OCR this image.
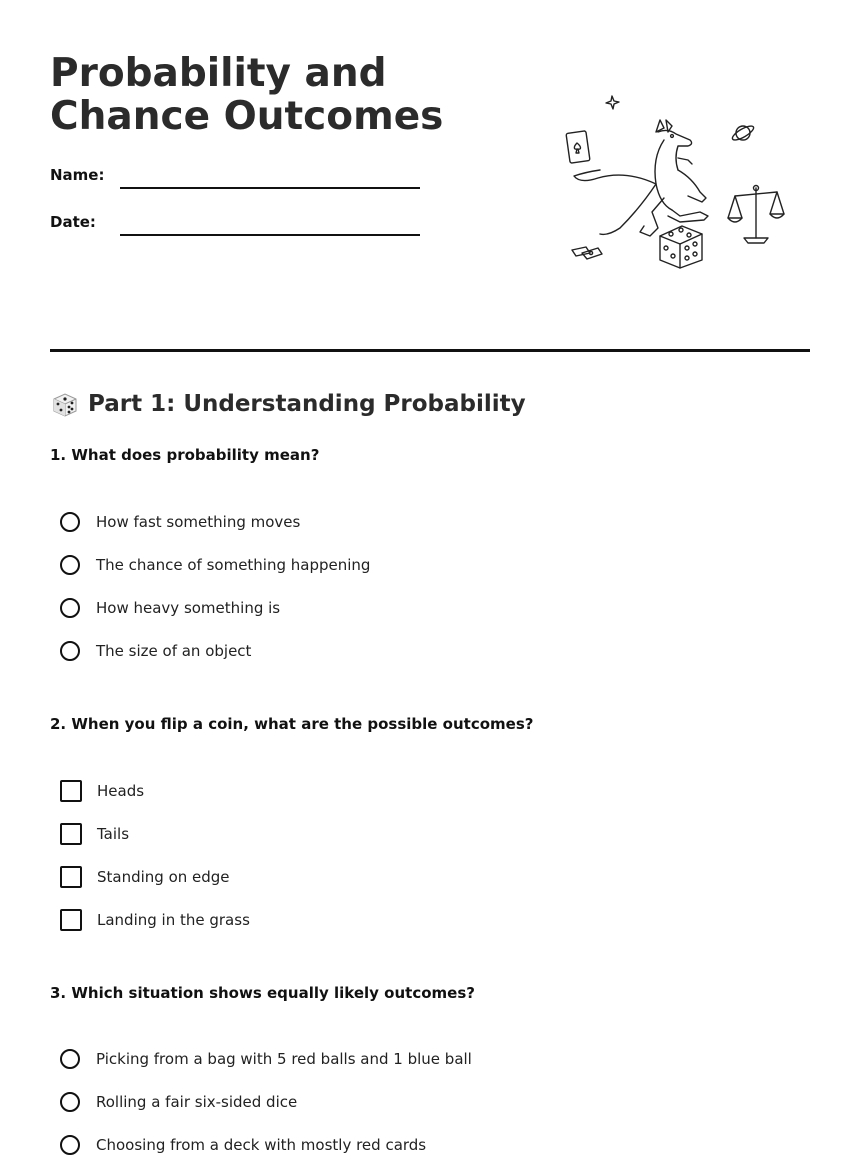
Probability and Chance Outcomes
Name:
Date:
Part 1: Understanding Probability
1. What does probability mean?
How fast something moves
The chance of something happening
How heavy something is
The size of an object
2. When you flip a coin, what are the possible outcomes?
Heads
Tails
Standing on edge
Landing in the grass
3. Which situation shows equally likely outcomes?
Picking from a bag with 5 red balls and 1 blue ball
Rolling a fair six-sided dice
Choosing from a deck with mostly red cards
